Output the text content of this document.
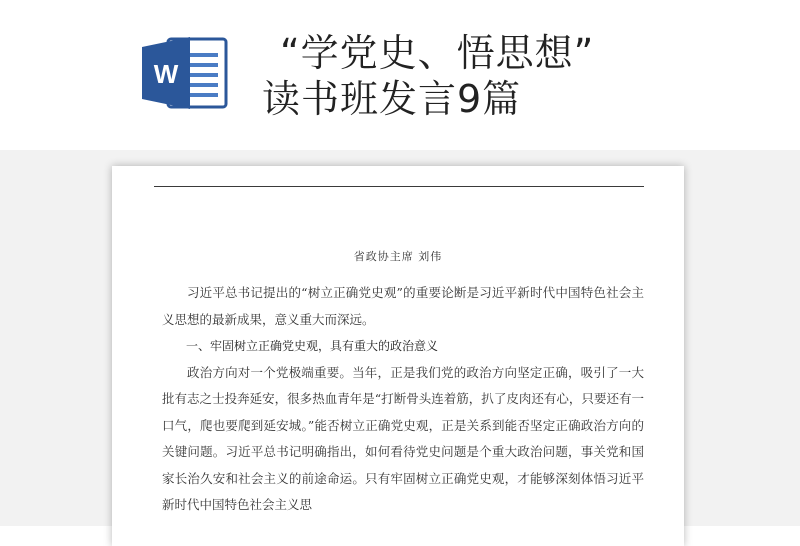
W	“学党史、悟思想”
读书班发言9篇
省政协主席 刘伟

习近平总书记提出的“树立正确党史观”的重要论断是习近平新时代中国特色社会主义思想的最新成果，意义重大而深远。

一、牢固树立正确党史观，具有重大的政治意义

政治方向对一个党极端重要。当年，正是我们党的政治方向坚定正确，吸引了一大批有志之士投奔延安，很多热血青年是“打断骨头连着筋，扒了皮肉还有心，只要还有一口气，爬也要爬到延安城。”能否树立正确党史观，正是关系到能否坚定正确政治方向的关键问题。习近平总书记明确指出，如何看待党史问题是个重大政治问题，事关党和国家长治久安和社会主义的前途命运。只有牢固树立正确党史观，才能够深刻体悟习近平新时代中国特色社会主义思
